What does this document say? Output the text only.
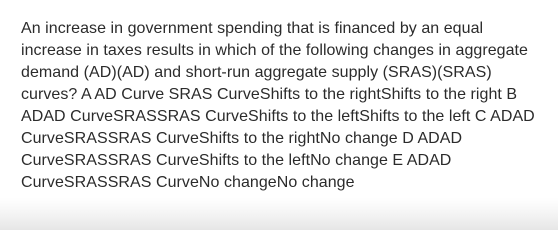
An increase in government spending that is financed by an equal increase in taxes results in which of the following changes in aggregate demand (AD)(AD) and short-run aggregate supply (SRAS)(SRAS) curves? A AD Curve SRAS CurveShifts to the rightShifts to the right B ADAD CurveSRASSRAS CurveShifts to the leftShifts to the left C ADAD CurveSRASSRAS CurveShifts to the rightNo change D ADAD CurveSRASSRAS CurveShifts to the leftNo change E ADAD CurveSRASSRAS CurveNo changeNo change
